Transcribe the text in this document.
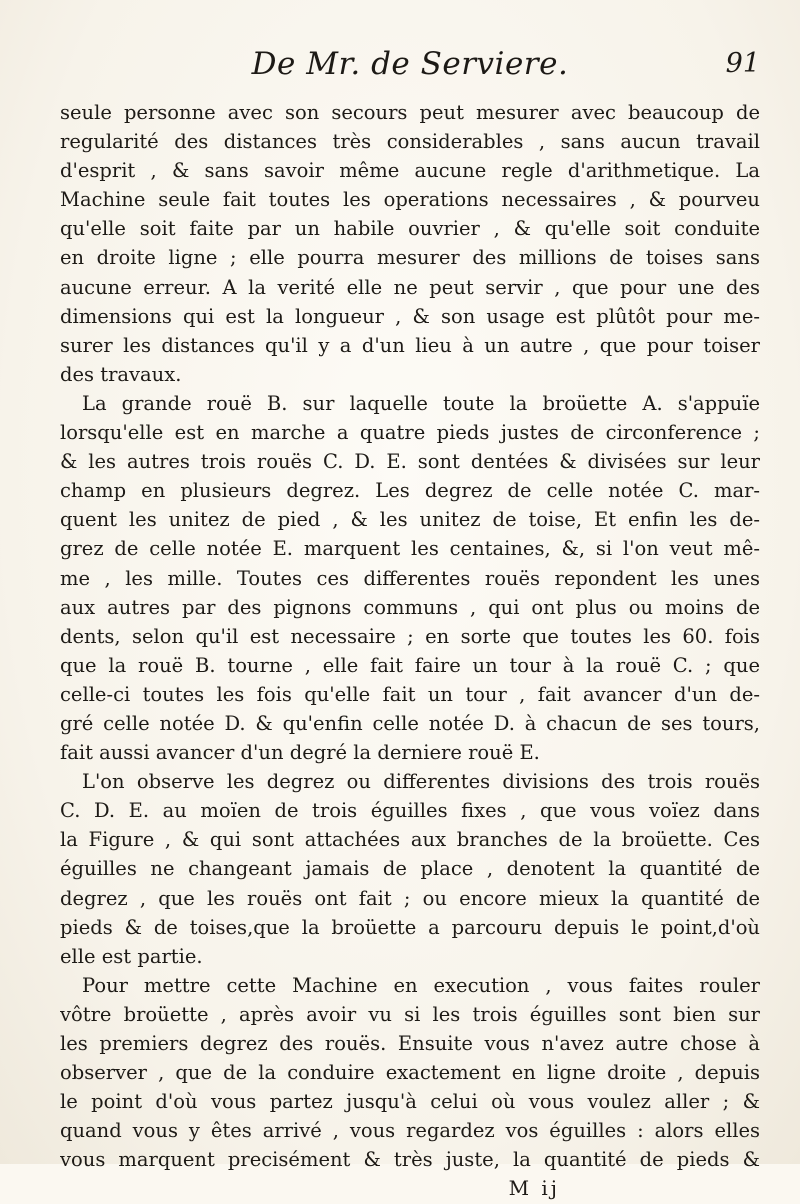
De Mr. de Serviere.	91
seule personne avec son secours peut mesurer avec beaucoup de
regularité des distances très considerables , sans aucun travail
d'esprit , & sans savoir même aucune regle d'arithmetique. La
Machine seule fait toutes les operations necessaires , & pourveu
qu'elle soit faite par un habile ouvrier , & qu'elle soit conduite
en droite ligne ; elle pourra mesurer des millions de toises sans
aucune erreur. A la verité elle ne peut servir , que pour une des
dimensions qui est la longueur , & son usage est plûtôt pour me-
surer les distances qu'il y a d'un lieu à un autre , que pour toiser
des travaux.
La grande rouë B. sur laquelle toute la broüette A. s'appuïe
lorsqu'elle est en marche a quatre pieds justes de circonference ;
& les autres trois rouës C. D. E. sont dentées & divisées sur leur
champ en plusieurs degrez. Les degrez de celle notée C. mar-
quent les unitez de pied , & les unitez de toise, Et enfin les de-
grez de celle notée E. marquent les centaines, &, si l'on veut mê-
me , les mille. Toutes ces differentes rouës repondent les unes
aux autres par des pignons communs , qui ont plus ou moins de
dents, selon qu'il est necessaire ; en sorte que toutes les 60. fois
que la rouë B. tourne , elle fait faire un tour à la rouë C. ; que
celle-ci toutes les fois qu'elle fait un tour , fait avancer d'un de-
gré celle notée D. & qu'enfin celle notée D. à chacun de ses tours,
fait aussi avancer d'un degré la derniere rouë E.
L'on observe les degrez ou differentes divisions des trois rouës
C. D. E. au moïen de trois éguilles fixes , que vous voïez dans
la Figure , & qui sont attachées aux branches de la broüette. Ces
éguilles ne changeant jamais de place , denotent la quantité de
degrez , que les rouës ont fait ; ou encore mieux la quantité de
pieds & de toises,que la broüette a parcouru depuis le point,d'où
elle est partie.
Pour mettre cette Machine en execution , vous faites rouler
vôtre broüette , après avoir vu si les trois éguilles sont bien sur
les premiers degrez des rouës. Ensuite vous n'avez autre chose à
observer , que de la conduire exactement en ligne droite , depuis
le point d'où vous partez jusqu'à celui où vous voulez aller ; &
quand vous y êtes arrivé , vous regardez vos éguilles : alors elles
vous marquent precisément & très juste, la quantité de pieds &
M ij
